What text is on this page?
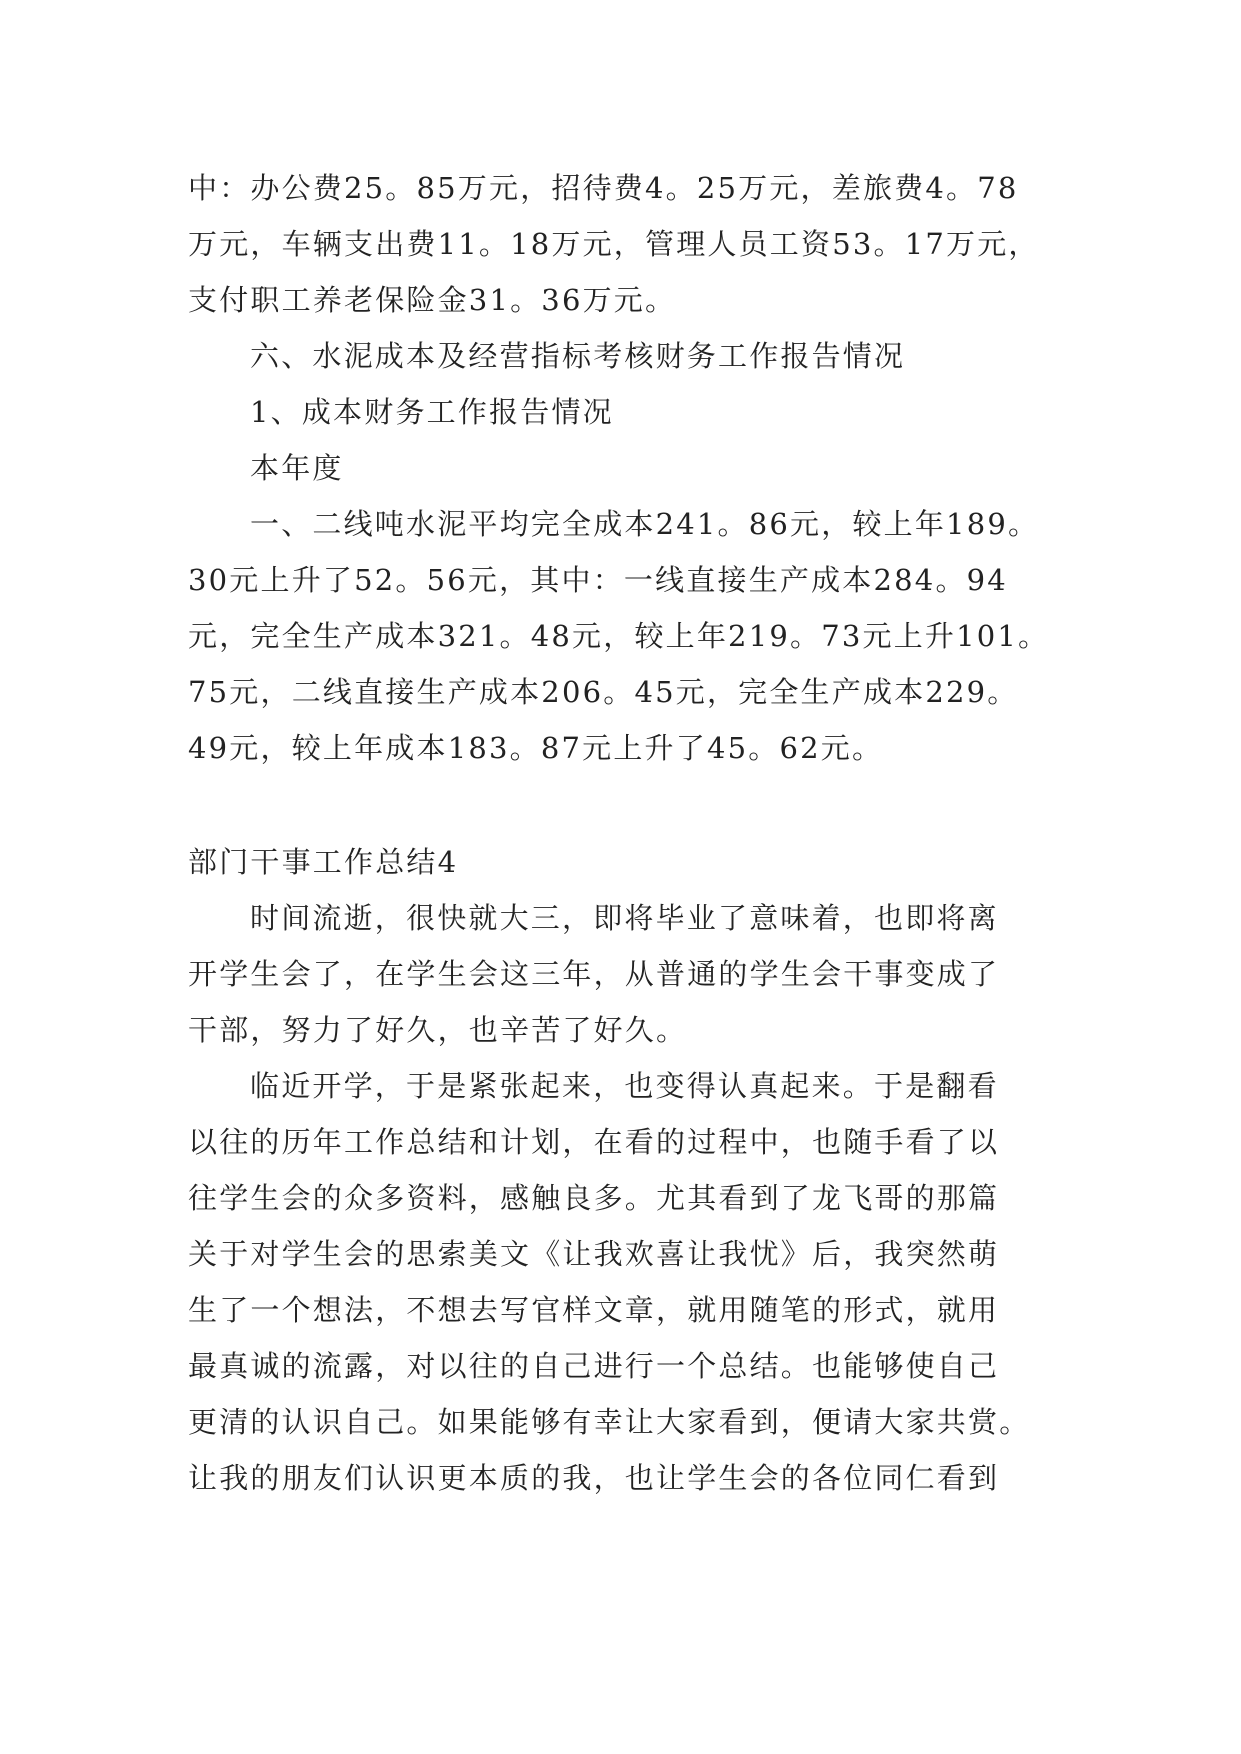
中：办公费25。85万元，招待费4。25万元，差旅费4。78
万元，车辆支出费11。18万元，管理人员工资53。17万元，
支付职工养老保险金31。36万元。
六、水泥成本及经营指标考核财务工作报告情况
1、成本财务工作报告情况
本年度
一、二线吨水泥平均完全成本241。86元，较上年189。
30元上升了52。56元，其中：一线直接生产成本284。94
元，完全生产成本321。48元，较上年219。73元上升101。
75元，二线直接生产成本206。45元，完全生产成本229。
49元，较上年成本183。87元上升了45。62元。
部门干事工作总结4
时间流逝，很快就大三，即将毕业了意味着，也即将离
开学生会了，在学生会这三年，从普通的学生会干事变成了
干部，努力了好久，也辛苦了好久。
临近开学，于是紧张起来，也变得认真起来。于是翻看
以往的历年工作总结和计划，在看的过程中，也随手看了以
往学生会的众多资料，感触良多。尤其看到了龙飞哥的那篇
关于对学生会的思索美文《让我欢喜让我忧》后，我突然萌
生了一个想法，不想去写官样文章，就用随笔的形式，就用
最真诚的流露，对以往的自己进行一个总结。也能够使自己
更清的认识自己。如果能够有幸让大家看到，便请大家共赏。
让我的朋友们认识更本质的我，也让学生会的各位同仁看到
